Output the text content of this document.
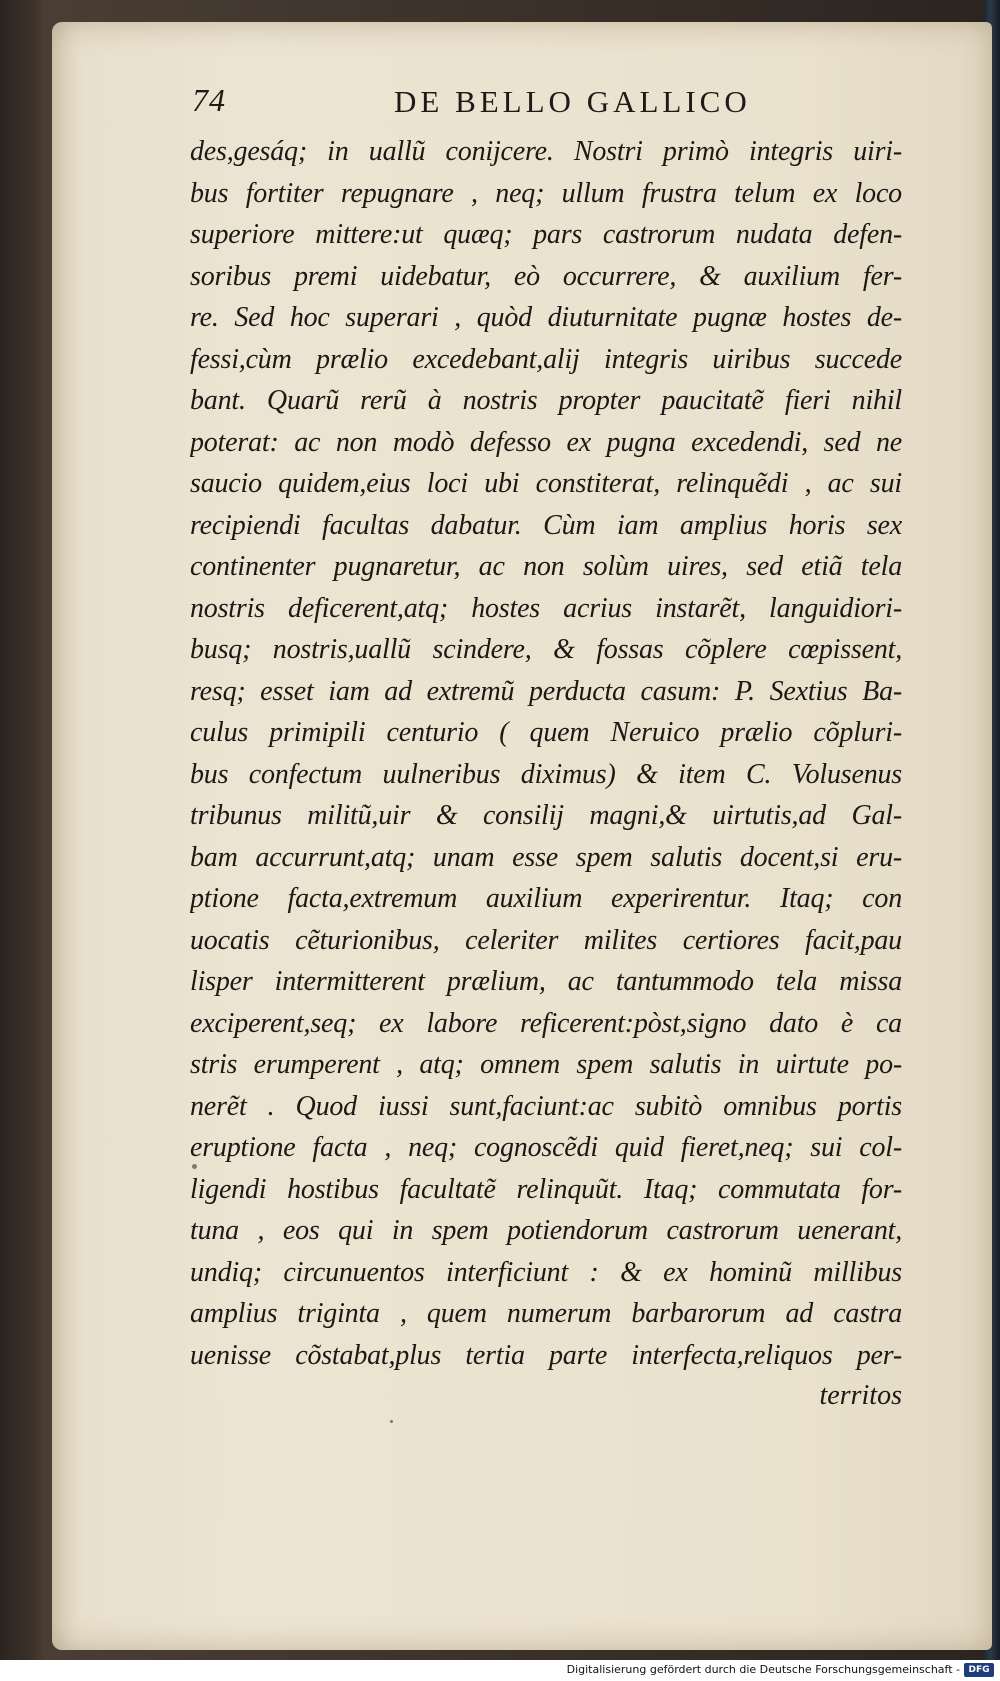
74	DE BELLO GALLICO
des,gesáq; in uallũ conijcere. Nostri primò integris uiri-
bus fortiter repugnare , neq; ullum frustra telum ex loco
superiore mittere:ut quæq; pars castrorum nudata defen-
soribus premi uidebatur, eò occurrere, & auxilium fer-
re. Sed hoc superari , quòd diuturnitate pugnæ hostes de-
fessi,cùm prælio excedebant,alij integris uiribus succede
bant. Quarũ rerũ à nostris propter paucitatẽ fieri nihil
poterat: ac non modò defesso ex pugna excedendi, sed ne
saucio quidem,eius loci ubi constiterat, relinquẽdi , ac sui
recipiendi facultas dabatur. Cùm iam amplius horis sex
continenter pugnaretur, ac non solùm uires, sed etiã tela
nostris deficerent,atq; hostes acrius instarẽt, languidiori-
busq; nostris,uallũ scindere, & fossas cõplere cœpissent,
resq; esset iam ad extremũ perducta casum: P. Sextius Ba-
culus primipili centurio ( quem Neruico prælio cõpluri-
bus confectum uulneribus diximus) & item C. Volusenus
tribunus militũ,uir & consilij magni,& uirtutis,ad Gal-
bam accurrunt,atq; unam esse spem salutis docent,si eru-
ptione facta,extremum auxilium experirentur. Itaq; con
uocatis cẽturionibus, celeriter milites certiores facit,pau
lisper intermitterent prælium, ac tantummodo tela missa
exciperent,seq; ex labore reficerent:pòst,signo dato è ca
stris erumperent , atq; omnem spem salutis in uirtute po-
nerẽt . Quod iussi sunt,faciunt:ac subitò omnibus portis
eruptione facta , neq; cognoscẽdi quid fieret,neq; sui col-
ligendi hostibus facultatẽ relinquũt. Itaq; commutata for-
tuna , eos qui in spem potiendorum castrorum uenerant,
undiq; circunuentos interficiunt : & ex hominũ millibus
amplius triginta , quem numerum barbarorum ad castra
uenisse cõstabat,plus tertia parte interfecta,reliquos per-
territos
Digitalisierung gefördert durch die Deutsche Forschungsgemeinschaft - DFG
